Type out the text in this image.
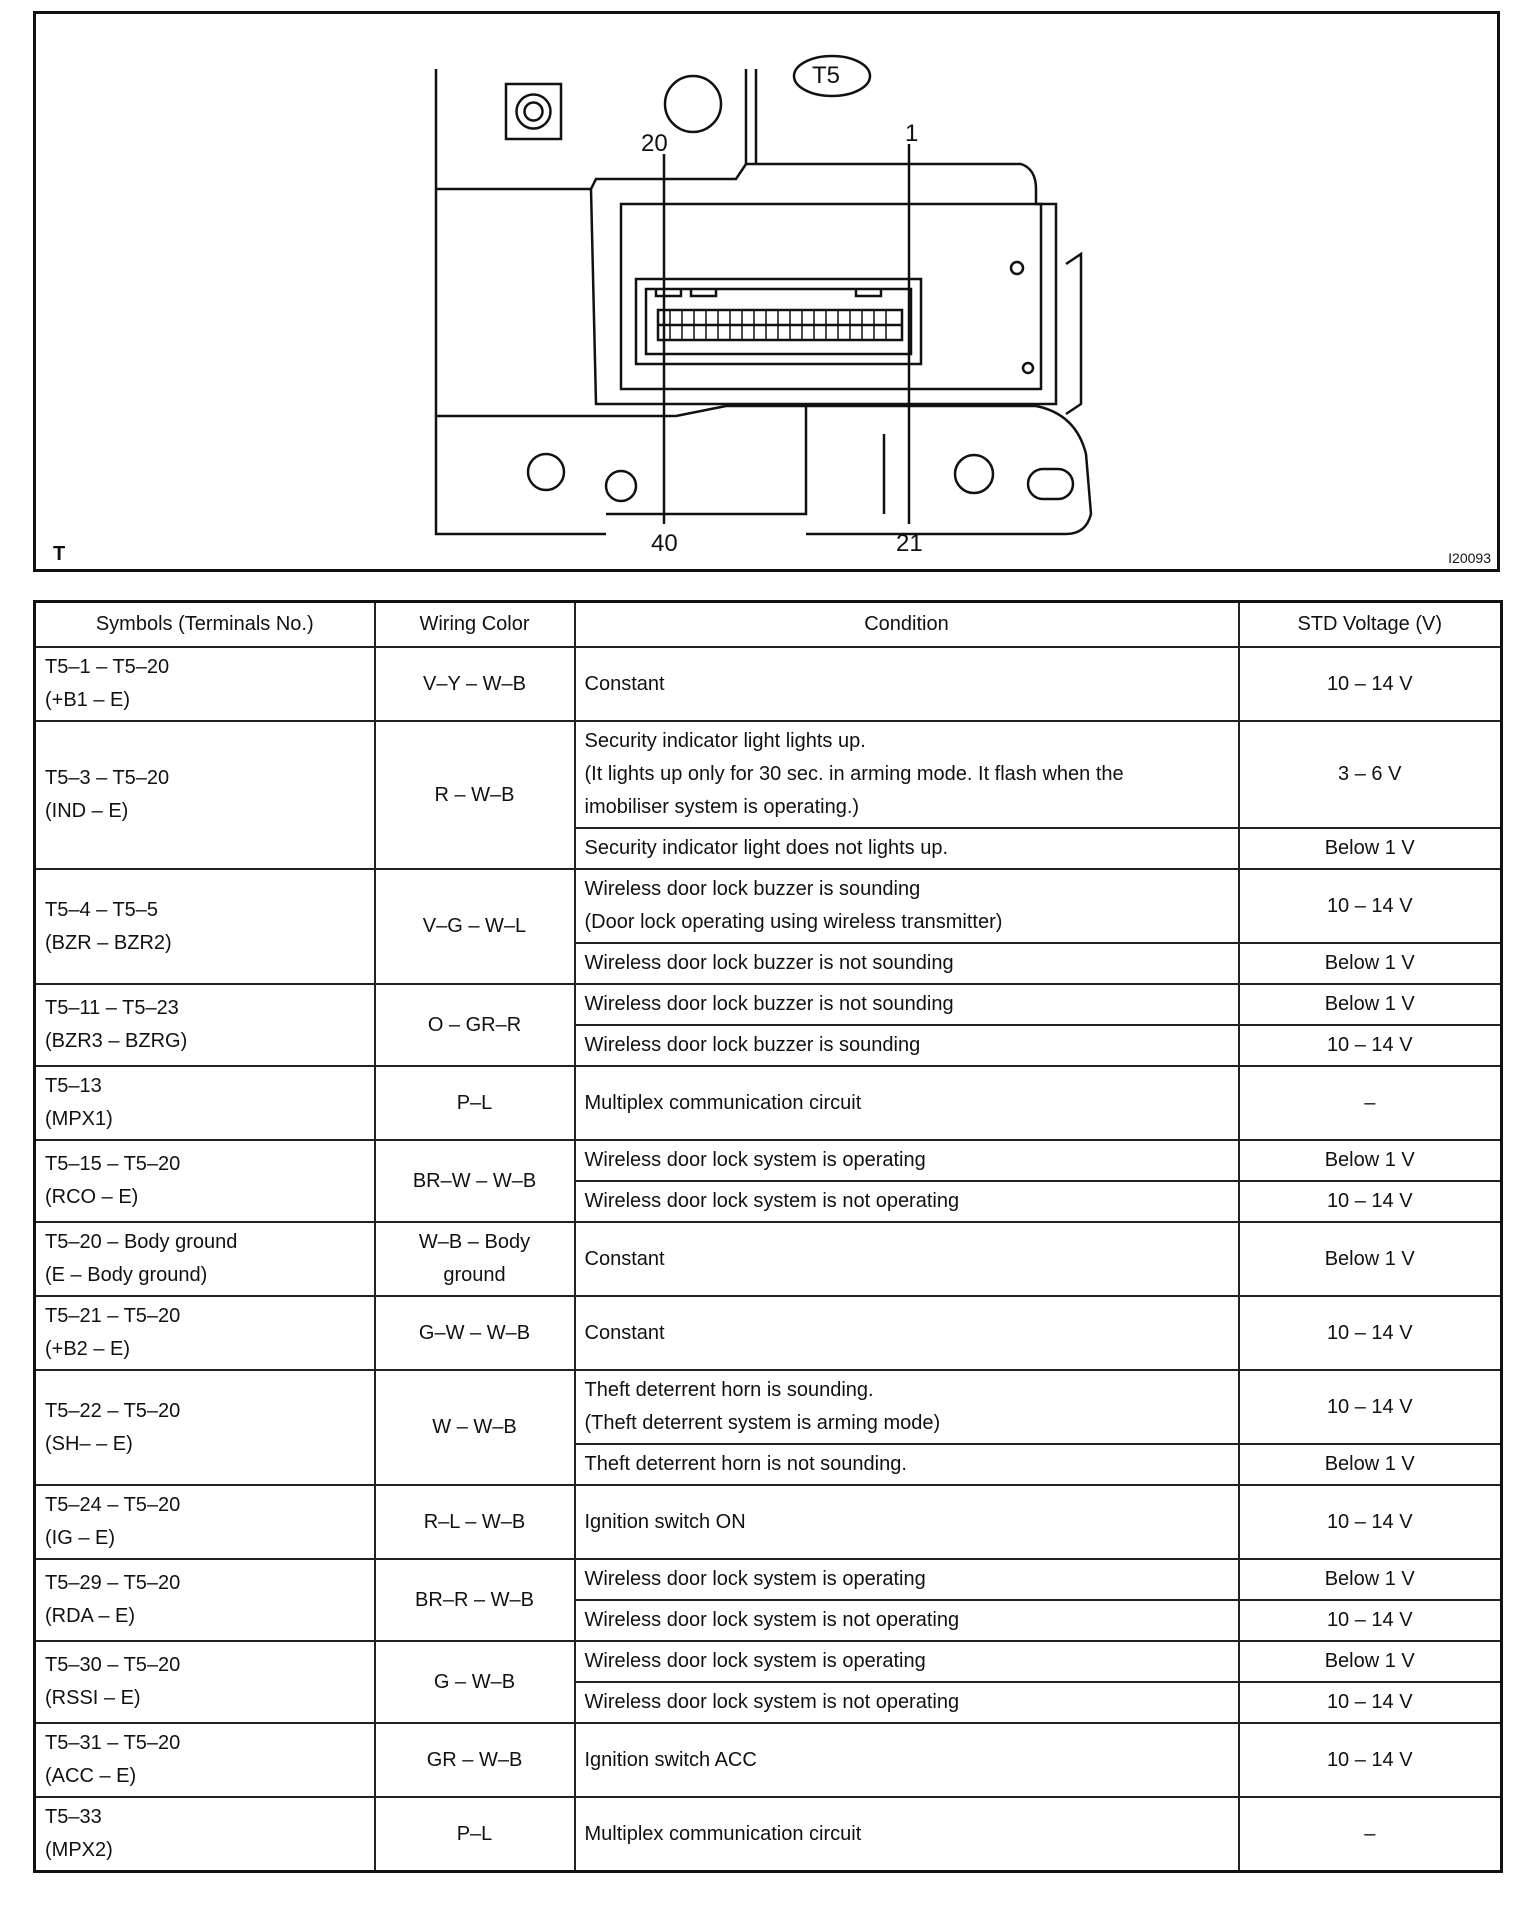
T5
20	1
40	21
T	I20093
Symbols (Terminals No.)	Wiring Color	Condition	STD Voltage (V)

T5–1 – T5–20
(+B1 – E)	V–Y – W–B	Constant	10 – 14 V

T5–3 – T5–20
(IND – E)	R – W–B	Security indicator light lights up.
(It lights up only for 30 sec. in arming mode. It flash when the
imobiliser system is operating.)	3 – 6 V

		Security indicator light does not lights up.	Below 1 V

T5–4 – T5–5
(BZR – BZR2)	V–G – W–L	Wireless door lock buzzer is sounding
(Door lock operating using wireless transmitter)	10 – 14 V

		Wireless door lock buzzer is not sounding	Below 1 V

T5–11 – T5–23
(BZR3 – BZRG)	O – GR–R	Wireless door lock buzzer is not sounding	Below 1 V

		Wireless door lock buzzer is sounding	10 – 14 V

T5–13
(MPX1)	P–L	Multiplex communication circuit	–

T5–15 – T5–20
(RCO – E)	BR–W – W–B	Wireless door lock system is operating	Below 1 V

		Wireless door lock system is not operating	10 – 14 V

T5–20 – Body ground
(E – Body ground)	W–B – Body
ground	Constant	Below 1 V

T5–21 – T5–20
(+B2 – E)	G–W – W–B	Constant	10 – 14 V

T5–22 – T5–20
(SH– – E)	W – W–B	Theft deterrent horn is sounding.
(Theft deterrent system is arming mode)	10 – 14 V

		Theft deterrent horn is not sounding.	Below 1 V

T5–24 – T5–20
(IG – E)	R–L – W–B	Ignition switch ON	10 – 14 V

T5–29 – T5–20
(RDA – E)	BR–R – W–B	Wireless door lock system is operating	Below 1 V

		Wireless door lock system is not operating	10 – 14 V

T5–30 – T5–20
(RSSI – E)	G – W–B	Wireless door lock system is operating	Below 1 V

		Wireless door lock system is not operating	10 – 14 V

T5–31 – T5–20
(ACC – E)	GR – W–B	Ignition switch ACC	10 – 14 V

T5–33
(MPX2)	P–L	Multiplex communication circuit	–
